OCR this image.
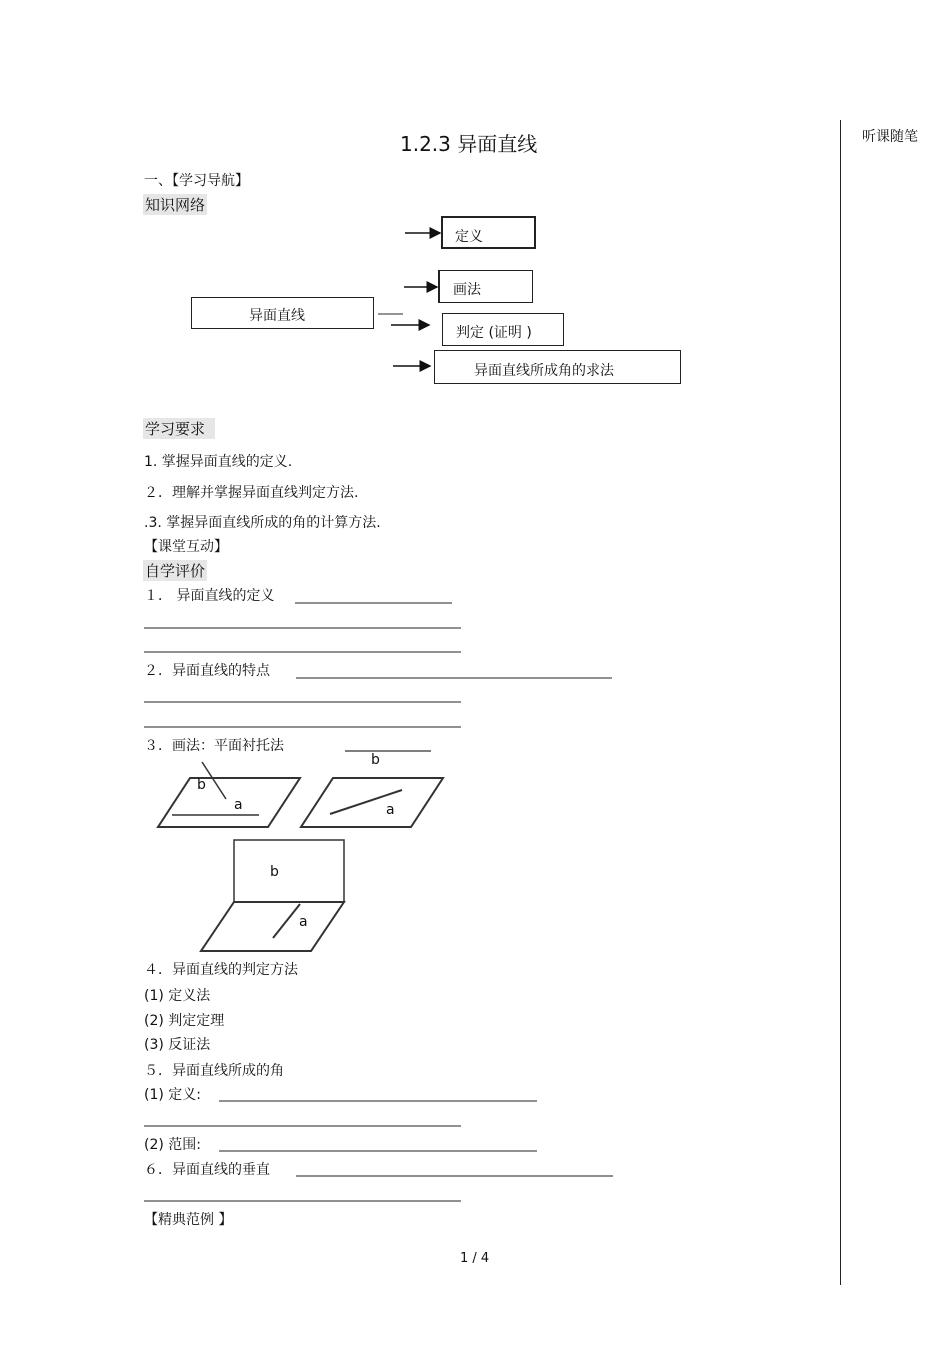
听课随笔
1.2.3 异面直线
一、【学习导航】
知识网络
异面直线
定义
画法
判定 (证明 )
异面直线所成角的求法
学习要求
1. 掌握异面直线的定义.
２．理解并掌握异面直线判定方法.
.3. 掌握异面直线所成的角的计算方法.
【课堂互动】
自学评价
１． 异面直线的定义
２．异面直线的特点
３．画法：平面衬托法
b
a
b
a
b
a
４．异面直线的判定方法
(1) 定义法
(2) 判定定理
(3) 反证法
５．异面直线所成的角
(1) 定义:
(2) 范围:
６．异面直线的垂直
【精典范例 】
1 / 4
